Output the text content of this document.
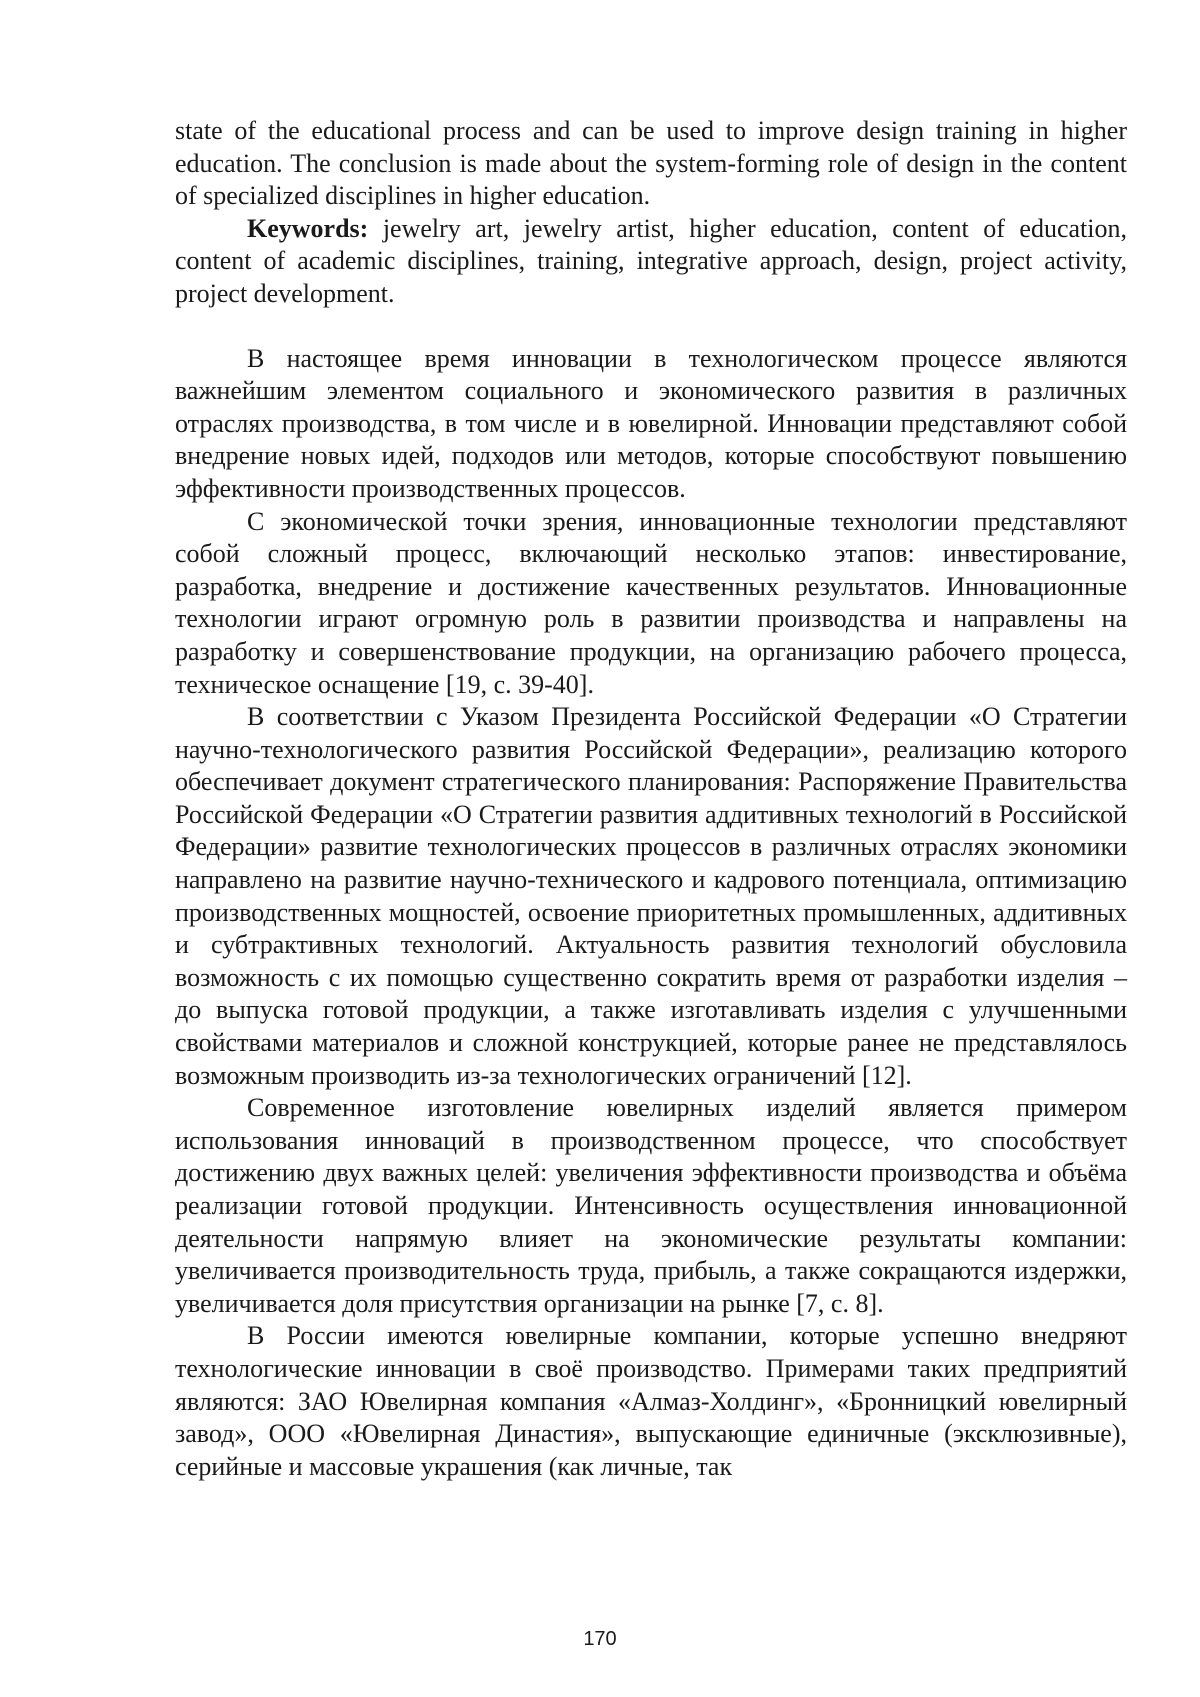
state of the educational process and can be used to improve design training in higher education. The conclusion is made about the system-forming role of design in the content of specialized disciplines in higher education.

Keywords: jewelry art, jewelry artist, higher education, content of education, content of academic disciplines, training, integrative approach, design, project activity, project development.

В настоящее время инновации в технологическом процессе являются важнейшим элементом социального и экономического развития в различных отраслях производства, в том числе и в ювелирной. Инновации представляют собой внедрение новых идей, подходов или методов, которые способствуют повышению эффективности производственных процессов.

С экономической точки зрения, инновационные технологии представляют собой сложный процесс, включающий несколько этапов: инвестирование, разработка, внедрение и достижение качественных результатов. Инновационные технологии играют огромную роль в развитии производства и направлены на разработку и совершенствование продукции, на организацию рабочего процесса, техническое оснащение [19, с. 39-40].

В соответствии с Указом Президента Российской Федерации «О Стратегии научно-технологического развития Российской Федерации», реализацию которого обеспечивает документ стратегического планирования: Распоряжение Правительства Российской Федерации «О Стратегии развития аддитивных технологий в Российской Федерации» развитие технологических процессов в различных отраслях экономики направлено на развитие научно-технического и кадрового потенциала, оптимизацию производственных мощностей, освоение приоритетных промышленных, аддитивных и субтрактивных технологий. Актуальность развития технологий обусловила возможность с их помощью существенно сократить время от разработки изделия – до выпуска готовой продукции, а также изготавливать изделия с улучшенными свойствами материалов и сложной конструкцией, которые ранее не представлялось возможным производить из-за технологических ограничений [12].

Современное изготовление ювелирных изделий является примером использования инноваций в производственном процессе, что способствует достижению двух важных целей: увеличения эффективности производства и объёма реализации готовой продукции. Интенсивность осуществления инновационной деятельности напрямую влияет на экономические результаты компании: увеличивается производительность труда, прибыль, а также сокращаются издержки, увеличивается доля присутствия организации на рынке [7, с. 8].

В России имеются ювелирные компании, которые успешно внедряют технологические инновации в своё производство. Примерами таких предприятий являются: ЗАО Ювелирная компания «Алмаз-Холдинг», «Бронницкий ювелирный завод», ООО «Ювелирная Династия», выпускающие единичные (эксклюзивные), серийные и массовые украшения (как личные, так

170
